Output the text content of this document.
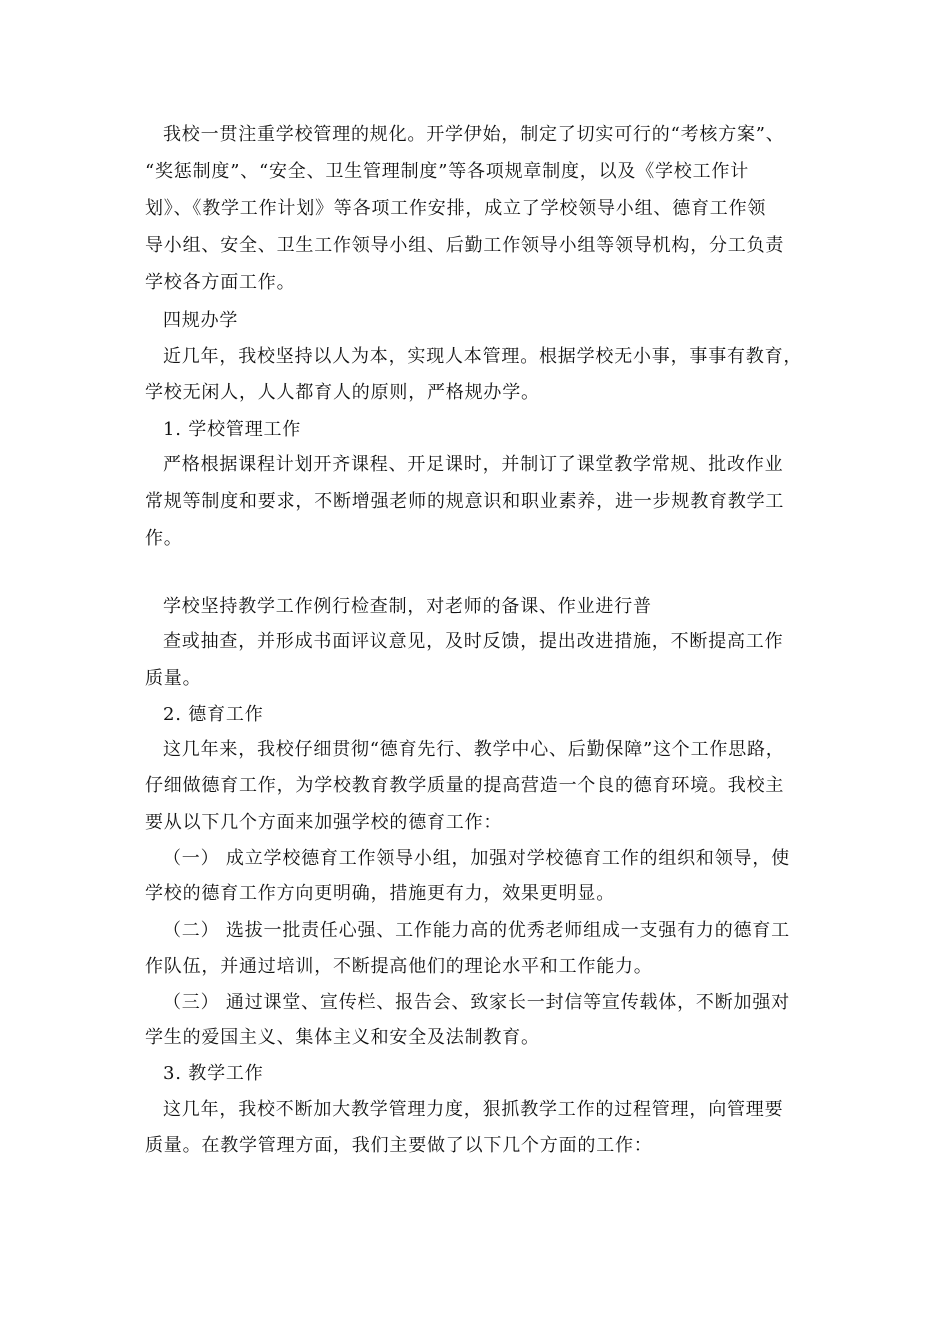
我校一贯注重学校管理的规化。开学伊始，制定了切实可行的“考核方案”、
“奖惩制度”、“安全、卫生管理制度”等各项规章制度，以及《学校工作计
划》、《教学工作计划》等各项工作安排，成立了学校领导小组、德育工作领
导小组、安全、卫生工作领导小组、后勤工作领导小组等领导机构，分工负责
学校各方面工作。
四规办学
近几年，我校坚持以人为本，实现人本管理。根据学校无小事，事事有教育，
学校无闲人，人人都育人的原则，严格规办学。
1. 学校管理工作
严格根据课程计划开齐课程、开足课时，并制订了课堂教学常规、批改作业
常规等制度和要求，不断增强老师的规意识和职业素养，进一步规教育教学工
作。
学校坚持教学工作例行检查制，对老师的备课、作业进行普
查或抽查，并形成书面评议意见，及时反馈，提出改进措施，不断提高工作
质量。
2. 德育工作
这几年来，我校仔细贯彻“德育先行、教学中心、后勤保障”这个工作思路，
仔细做德育工作，为学校教育教学质量的提高营造一个良的德育环境。我校主
要从以下几个方面来加强学校的德育工作：
（一） 成立学校德育工作领导小组，加强对学校德育工作的组织和领导，使
学校的德育工作方向更明确，措施更有力，效果更明显。
（二） 选拔一批责任心强、工作能力高的优秀老师组成一支强有力的德育工
作队伍，并通过培训，不断提高他们的理论水平和工作能力。
（三） 通过课堂、宣传栏、报告会、致家长一封信等宣传载体，不断加强对
学生的爱国主义、集体主义和安全及法制教育。
3. 教学工作
这几年，我校不断加大教学管理力度，狠抓教学工作的过程管理，向管理要
质量。在教学管理方面，我们主要做了以下几个方面的工作：
